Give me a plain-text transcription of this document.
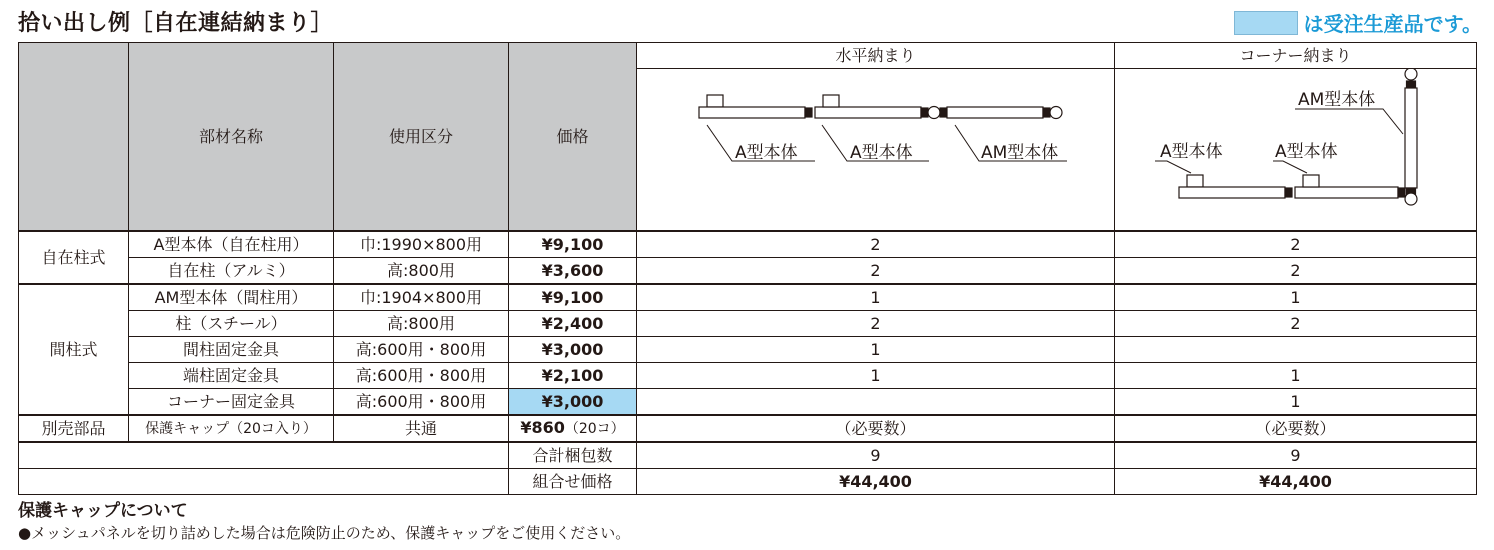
拾い出し例［自在連結納まり］	は受注生産品です。
	部材名称	使用区分	価格	水平納まり	コーナー納まり

A型本体 A型本体 AM型本体	AM型本体
A型本体 A型本体

自在柱式	A型本体（自在柱用）	巾:1990×800用	¥9,100	2	2
	自在柱（アルミ）	高:800用	¥3,600	2	2
間柱式	AM型本体（間柱用）	巾:1904×800用	¥9,100	1	1
	柱（スチール）	高:800用	¥2,400	2	2
	間柱固定金具	高:600用・800用	¥3,000	1	
	端柱固定金具	高:600用・800用	¥2,100	1	1
	コーナー固定金具	高:600用・800用	¥3,000		1
別売部品	保護キャップ（20コ入り）	共通	¥860（20コ）	（必要数）	（必要数）
			合計梱包数	9	9
			組合せ価格	¥44,400	¥44,400
保護キャップについて
●メッシュパネルを切り詰めした場合は危険防止のため、保護キャップをご使用ください。
